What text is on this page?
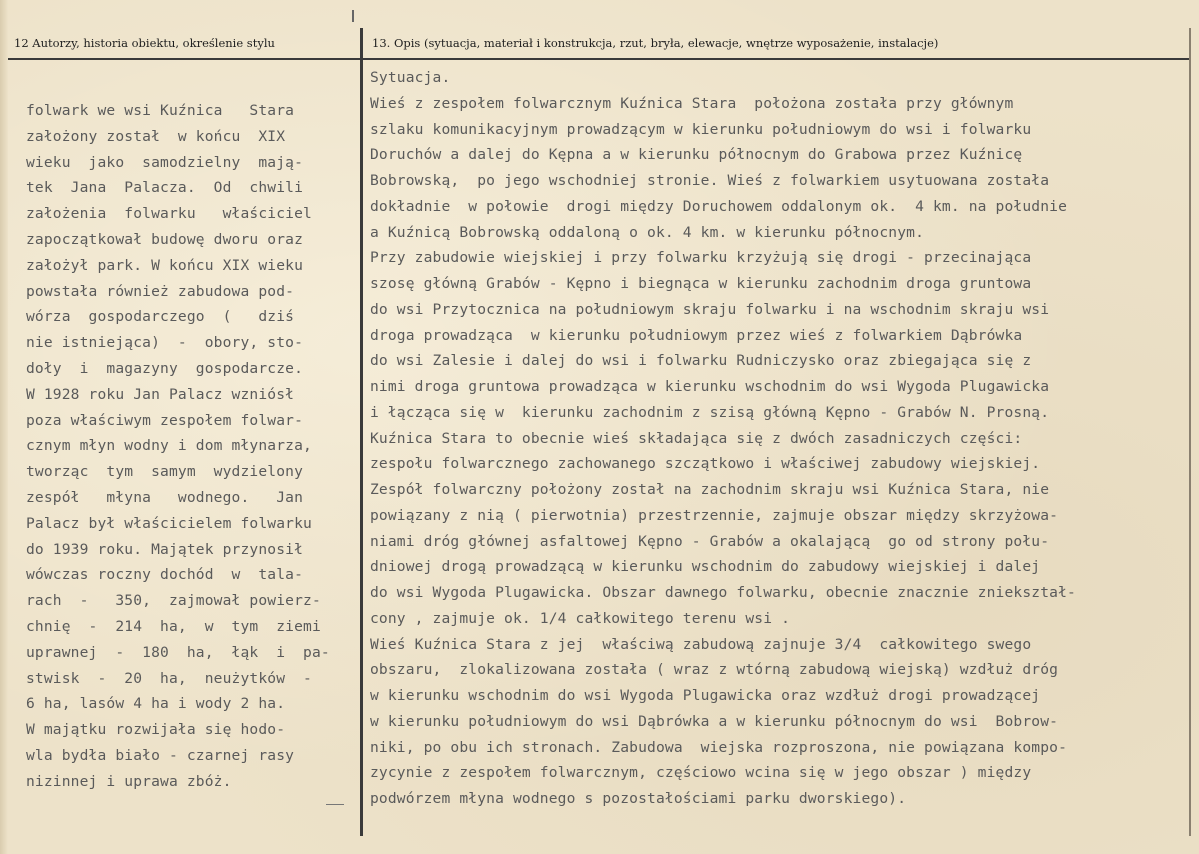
12 Autorzy, historia obiektu, określenie stylu	13. Opis (sytuacja, materiał i konstrukcja, rzut, bryła, elewacje, wnętrze wyposażenie, instalacje)
folwark we wsi Kuźnica   Stara
założony został  w końcu  XIX
wieku  jako  samodzielny  mają-
tek  Jana  Palacza.  Od  chwili
założenia  folwarku   właściciel
zapoczątkował budowę dworu oraz
założył park. W końcu XIX wieku
powstała również zabudowa pod-
wórza  gospodarczego  (   dziś
nie istniejąca)  -  obory, sto-
doły  i  magazyny  gospodarcze.
W 1928 roku Jan Palacz wzniósł
poza właściwym zespołem folwar-
cznym młyn wodny i dom młynarza,
tworząc  tym  samym  wydzielony
zespół   młyna   wodnego.   Jan
Palacz był właścicielem folwarku
do 1939 roku. Majątek przynosił
wówczas roczny dochód  w  tala-
rach  -   350,  zajmował powierz-
chnię  -  214  ha,  w  tym  ziemi
uprawnej  -  180  ha,  łąk  i  pa-
stwisk  -  20  ha,  neużytków  -
6 ha, lasów 4 ha i wody 2 ha.
W majątku rozwijała się hodo-
wla bydła biało - czarnej rasy
nizinnej i uprawa zbóż.
Sytuacja.
Wieś z zespołem folwarcznym Kuźnica Stara  położona została przy głównym
szlaku komunikacyjnym prowadzącym w kierunku południowym do wsi i folwarku
Doruchów a dalej do Kępna a w kierunku północnym do Grabowa przez Kuźnicę
Bobrowską,  po jego wschodniej stronie. Wieś z folwarkiem usytuowana została
dokładnie  w połowie  drogi między Doruchowem oddalonym ok.  4 km. na południe
a Kuźnicą Bobrowską oddaloną o ok. 4 km. w kierunku północnym.
Przy zabudowie wiejskiej i przy folwarku krzyżują się drogi - przecinająca
szosę główną Grabów - Kępno i biegnąca w kierunku zachodnim droga gruntowa
do wsi Przytocznica na południowym skraju folwarku i na wschodnim skraju wsi
droga prowadząca  w kierunku południowym przez wieś z folwarkiem Dąbrówka
do wsi Zalesie i dalej do wsi i folwarku Rudniczysko oraz zbiegająca się z
nimi droga gruntowa prowadząca w kierunku wschodnim do wsi Wygoda Plugawicka
i łącząca się w  kierunku zachodnim z szisą główną Kępno - Grabów N. Prosną.
Kuźnica Stara to obecnie wieś składająca się z dwóch zasadniczych części:
zespołu folwarcznego zachowanego szczątkowo i właściwej zabudowy wiejskiej.
Zespół folwarczny położony został na zachodnim skraju wsi Kuźnica Stara, nie
powiązany z nią ( pierwotnia) przestrzennie, zajmuje obszar między skrzyżowa-
niami dróg głównej asfaltowej Kępno - Grabów a okalającą  go od strony połu-
dniowej drogą prowadzącą w kierunku wschodnim do zabudowy wiejskiej i dalej
do wsi Wygoda Plugawicka. Obszar dawnego folwarku, obecnie znacznie zniekształ-
cony , zajmuje ok. 1/4 całkowitego terenu wsi .
Wieś Kuźnica Stara z jej  właściwą zabudową zajnuje 3/4  całkowitego swego
obszaru,  zlokalizowana została ( wraz z wtórną zabudową wiejską) wzdłuż dróg
w kierunku wschodnim do wsi Wygoda Plugawicka oraz wzdłuż drogi prowadzącej
w kierunku południowym do wsi Dąbrówka a w kierunku północnym do wsi  Bobrow-
niki, po obu ich stronach. Zabudowa  wiejska rozproszona, nie powiązana kompo-
zycynie z zespołem folwarcznym, częściowo wcina się w jego obszar ) między
podwórzem młyna wodnego s pozostałościami parku dworskiego).
